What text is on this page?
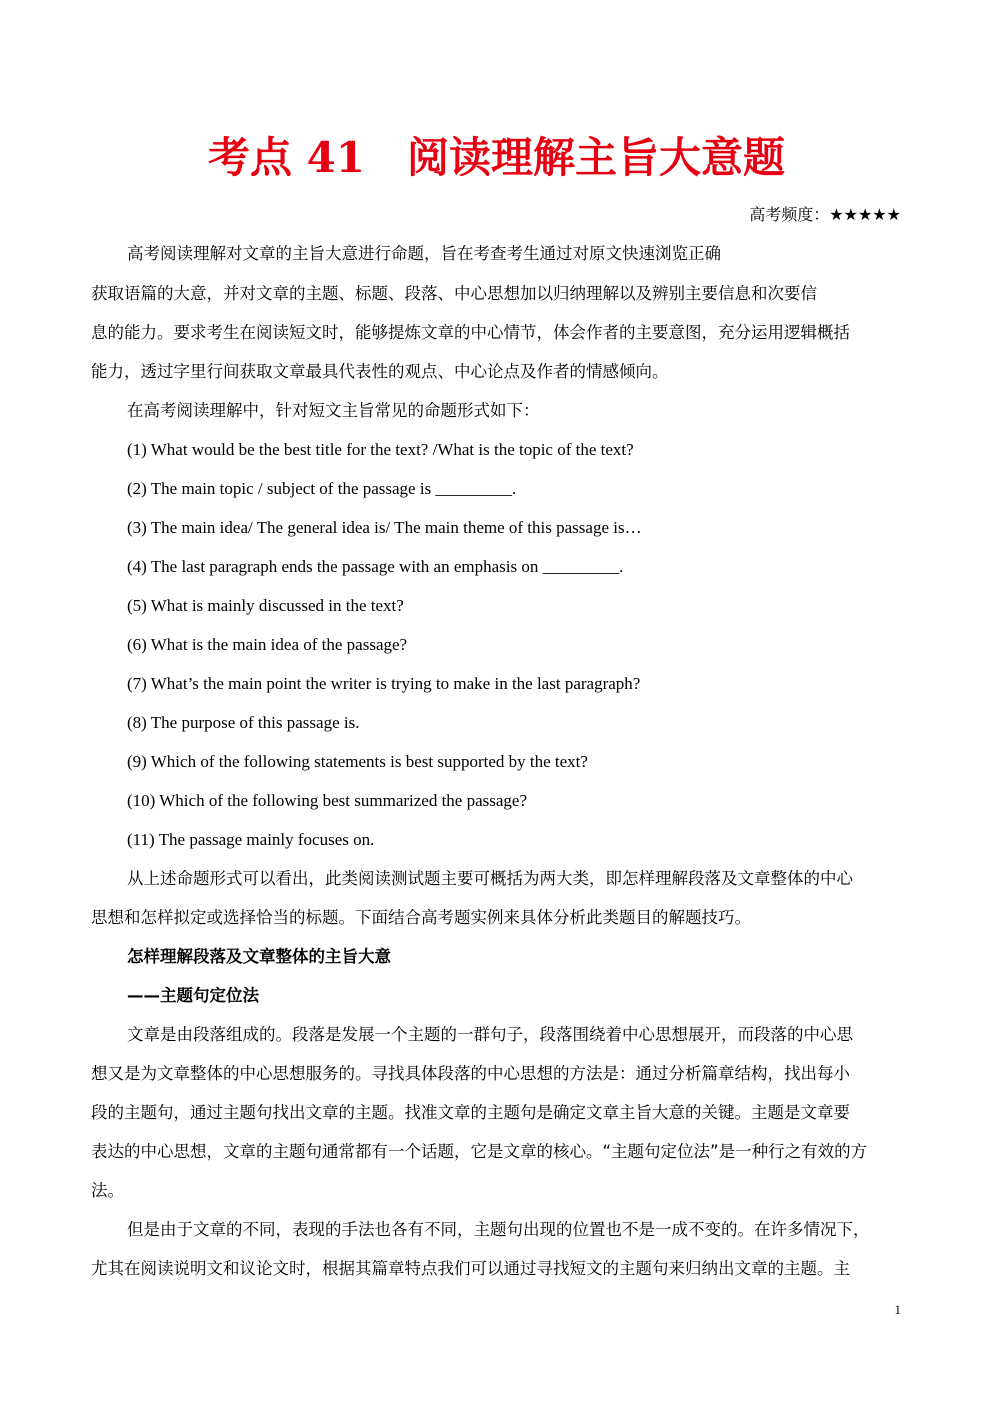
考点 41　阅读理解主旨大意题
高考频度：★★★★★
高考阅读理解对文章的主旨大意进行命题，旨在考查考生通过对原文快速浏览正确
获取语篇的大意，并对文章的主题、标题、段落、中心思想加以归纳理解以及辨别主要信息和次要信
息的能力。要求考生在阅读短文时，能够提炼文章的中心情节，体会作者的主要意图，充分运用逻辑概括
能力，透过字里行间获取文章最具代表性的观点、中心论点及作者的情感倾向。
在高考阅读理解中，针对短文主旨常见的命题形式如下：
(1) What would be the best title for the text? /What is the topic of the text?
(2) The main topic / subject of the passage is _________.
(3) The main idea/ The general idea is/ The main theme of this passage is…
(4) The last paragraph ends the passage with an emphasis on _________.
(5) What is mainly discussed in the text?
(6) What is the main idea of the passage?
(7) What’s the main point the writer is trying to make in the last paragraph?
(8) The purpose of this passage is.
(9) Which of the following statements is best supported by the text?
(10) Which of the following best summarized the passage?
(11) The passage mainly focuses on.
从上述命题形式可以看出，此类阅读测试题主要可概括为两大类，即怎样理解段落及文章整体的中心
思想和怎样拟定或选择恰当的标题。下面结合高考题实例来具体分析此类题目的解题技巧。
怎样理解段落及文章整体的主旨大意
——主题句定位法
文章是由段落组成的。段落是发展一个主题的一群句子，段落围绕着中心思想展开，而段落的中心思
想又是为文章整体的中心思想服务的。寻找具体段落的中心思想的方法是：通过分析篇章结构，找出每小
段的主题句，通过主题句找出文章的主题。找准文章的主题句是确定文章主旨大意的关键。主题是文章要
表达的中心思想，文章的主题句通常都有一个话题，它是文章的核心。“主题句定位法”是一种行之有效的方
法。
但是由于文章的不同，表现的手法也各有不同，主题句出现的位置也不是一成不变的。在许多情况下，
尤其在阅读说明文和议论文时，根据其篇章特点我们可以通过寻找短文的主题句来归纳出文章的主题。主
1
